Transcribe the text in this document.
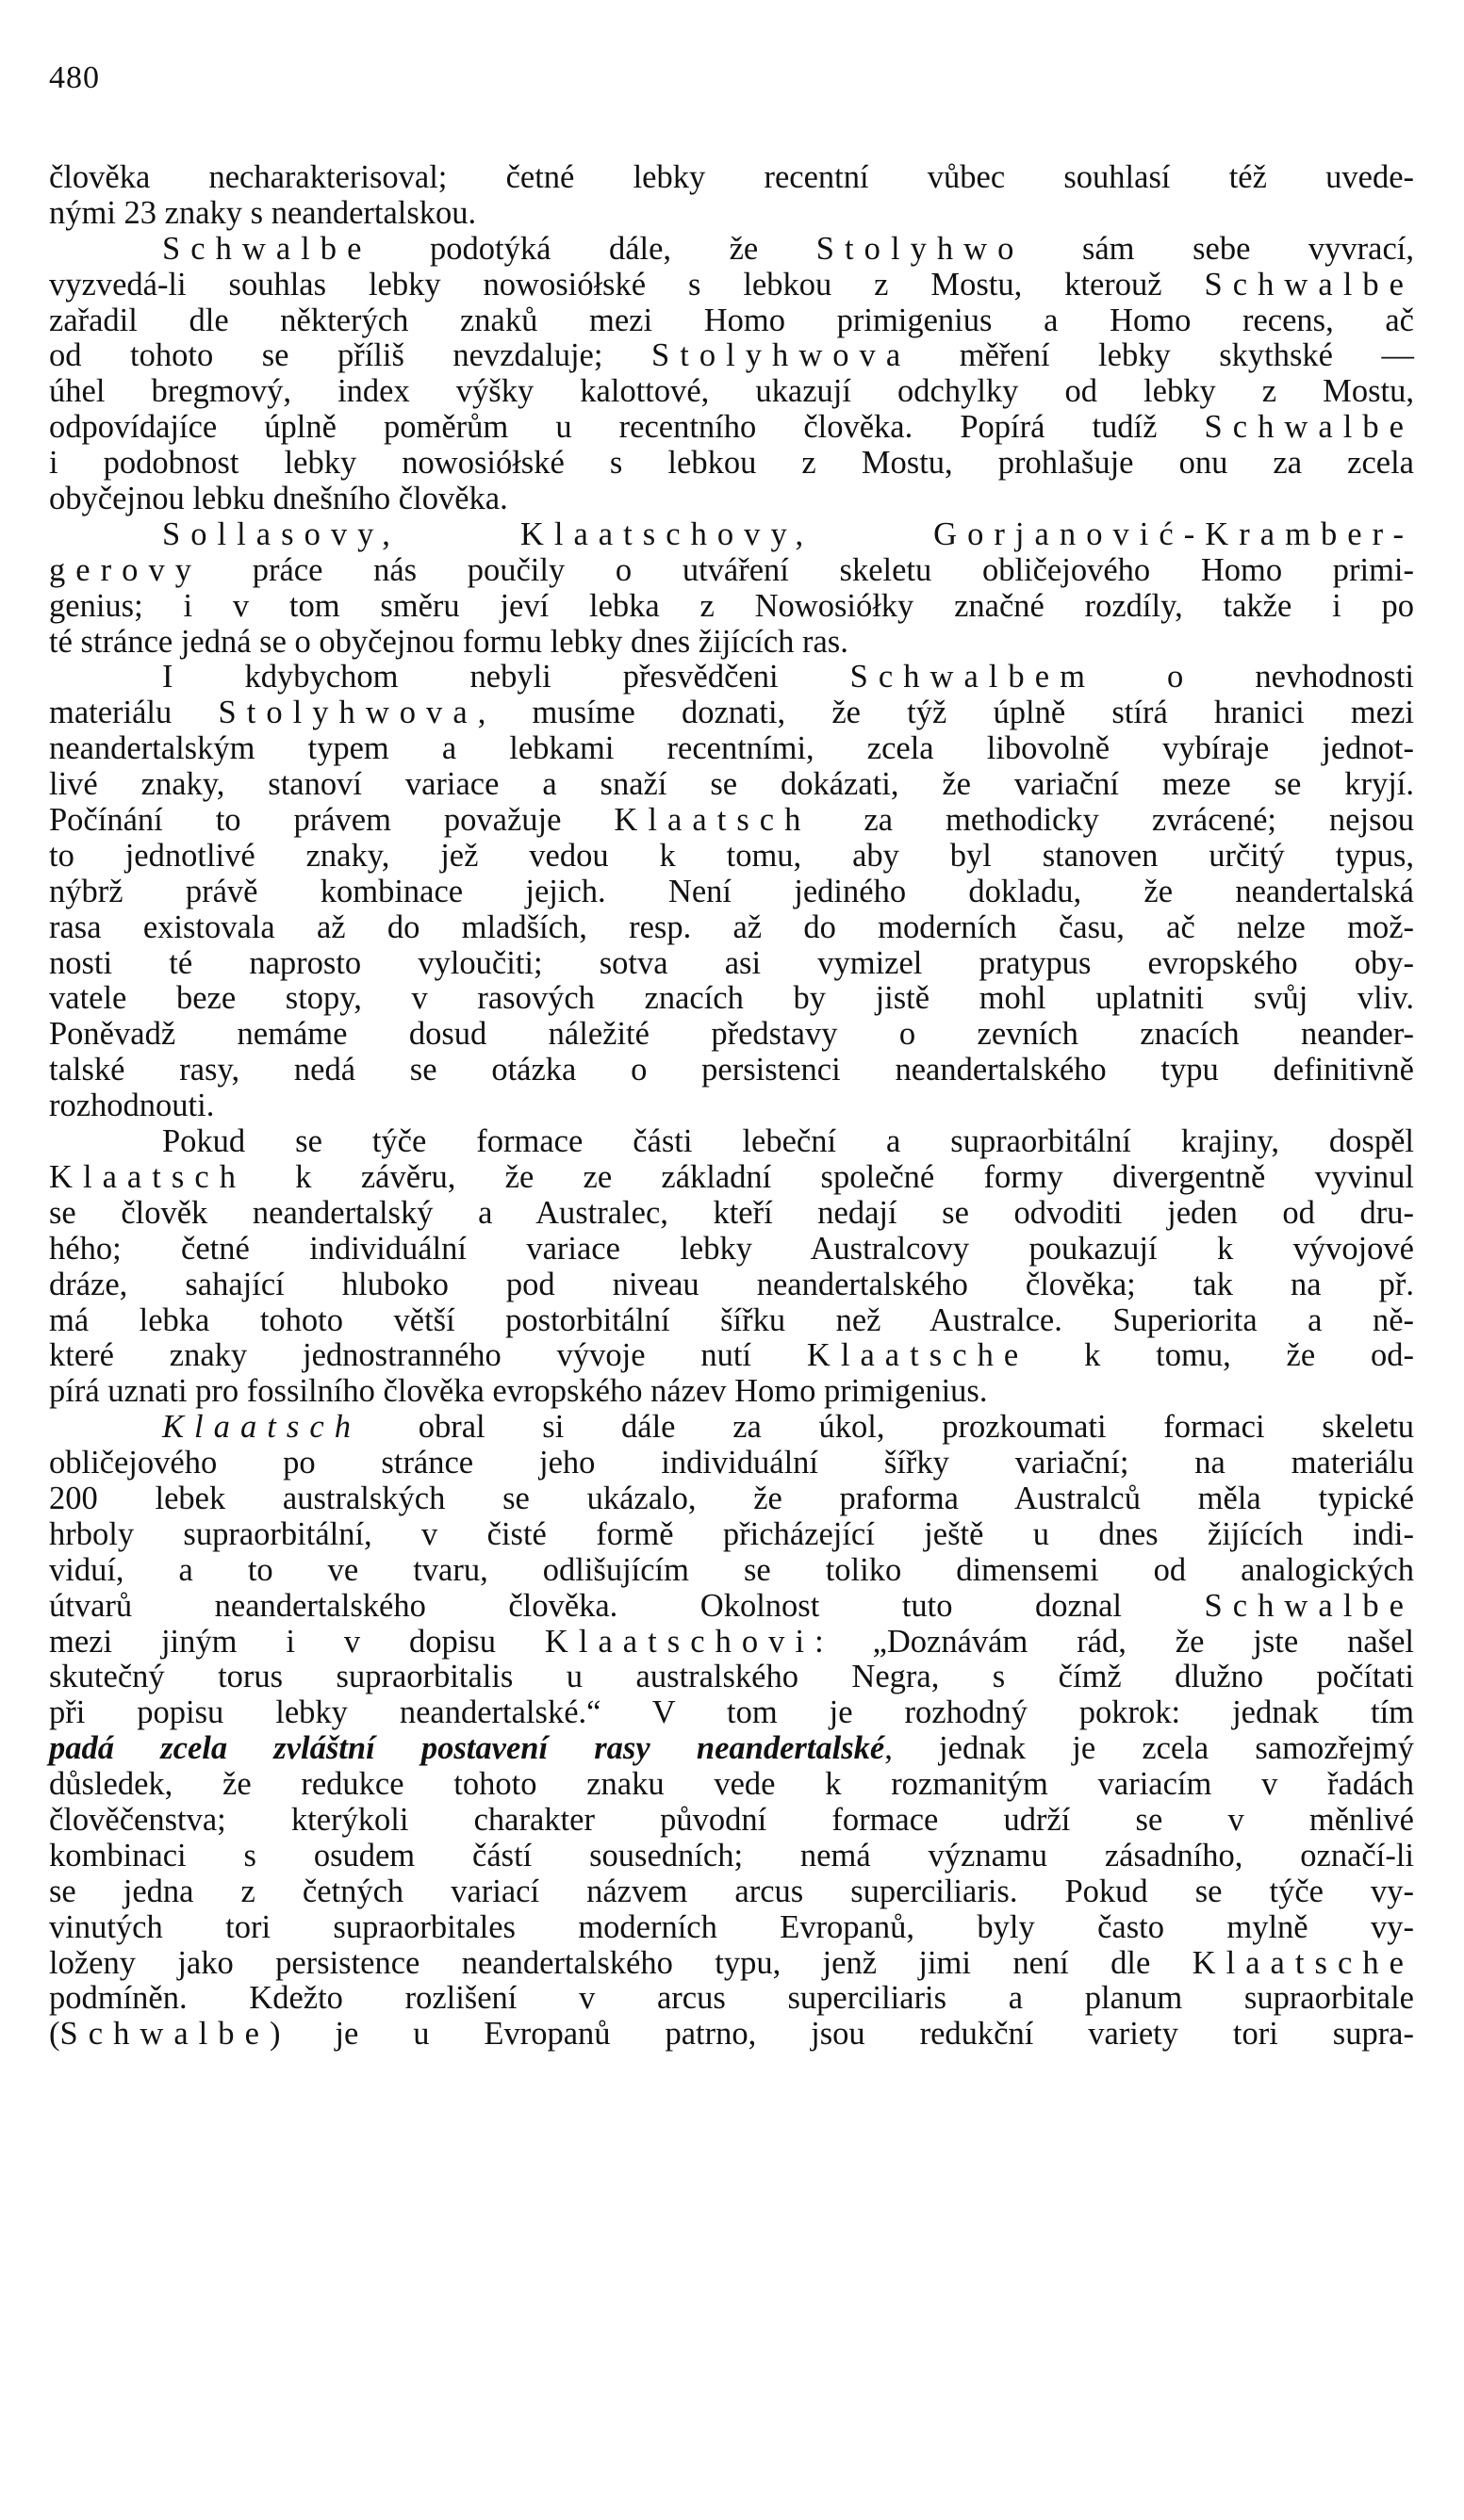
480
člověka necharakterisoval; četné lebky recentní vůbec souhlasí též uvede-
nými 23 znaky s neandertalskou.
Schwalbe podotýká dále, že Stolyhwo sám sebe vyvrací,
vyzvedá-li souhlas lebky nowosiółské s lebkou z Mostu, kterouž Schwalbe
zařadil dle některých znaků mezi Homo primigenius a Homo recens, ač
od tohoto se příliš nevzdaluje; Stolyhwova měření lebky skythské —
úhel bregmový, index výšky kalottové, ukazují odchylky od lebky z Mostu,
odpovídajíce úplně poměrům u recentního člověka. Popírá tudíž Schwalbe
i podobnost lebky nowosiółské s lebkou z Mostu, prohlašuje onu za zcela
obyčejnou lebku dnešního člověka.
Sollasovy, Klaatschovy, Gorjanović-Kramber-
gerovy práce nás poučily o utváření skeletu obličejového Homo primi-
genius; i v tom směru jeví lebka z Nowosiółky značné rozdíly, takže i po
té stránce jedná se o obyčejnou formu lebky dnes žijících ras.
I kdybychom nebyli přesvědčeni Schwalbem o nevhodnosti
materiálu Stolyhwova, musíme doznati, že týž úplně stírá hranici mezi
neandertalským typem a lebkami recentními, zcela libovolně vybíraje jednot-
livé znaky, stanoví variace a snaží se dokázati, že variační meze se kryjí.
Počínání to právem považuje Klaatsch za methodicky zvrácené; nejsou
to jednotlivé znaky, jež vedou k tomu, aby byl stanoven určitý typus,
nýbrž právě kombinace jejich. Není jediného dokladu, že neandertalská
rasa existovala až do mladších, resp. až do moderních času, ač nelze mož-
nosti té naprosto vyloučiti; sotva asi vymizel pratypus evropského oby-
vatele beze stopy, v rasových znacích by jistě mohl uplatniti svůj vliv.
Poněvadž nemáme dosud náležité představy o zevních znacích neander-
talské rasy, nedá se otázka o persistenci neandertalského typu definitivně
rozhodnouti.
Pokud se týče formace části lebeční a supraorbitální krajiny, dospěl
Klaatsch k závěru, že ze základní společné formy divergentně vyvinul
se člověk neandertalský a Australec, kteří nedají se odvoditi jeden od dru-
hého; četné individuální variace lebky Australcovy poukazují k vývojové
dráze, sahající hluboko pod niveau neandertalského člověka; tak na př.
má lebka tohoto větší postorbitální šířku než Australce. Superiorita a ně-
které znaky jednostranného vývoje nutí Klaatsche k tomu, že od-
pírá uznati pro fossilního člověka evropského název Homo primigenius.
Klaatsch obral si dále za úkol, prozkoumati formaci skeletu
obličejového po stránce jeho individuální šířky variační; na materiálu
200 lebek australských se ukázalo, že praforma Australců měla typické
hrboly supraorbitální, v čisté formě přicházející ještě u dnes žijících indi-
viduí, a to ve tvaru, odlišujícím se toliko dimensemi od analogických
útvarů neandertalského člověka. Okolnost tuto doznal Schwalbe
mezi jiným i v dopisu Klaatschovi: „Doznávám rád, že jste našel
skutečný torus supraorbitalis u australského Negra, s čímž dlužno počítati
při popisu lebky neandertalské.“ V tom je rozhodný pokrok: jednak tím
padá zcela zvláštní postavení rasy neandertalské, jednak je zcela samozřejmý
důsledek, že redukce tohoto znaku vede k rozmanitým variacím v řadách
člověčenstva; kterýkoli charakter původní formace udrží se v měnlivé
kombinaci s osudem částí sousedních; nemá významu zásadního, označí-li
se jedna z četných variací názvem arcus superciliaris. Pokud se týče vy-
vinutých tori supraorbitales moderních Evropanů, byly často mylně vy-
loženy jako persistence neandertalského typu, jenž jimi není dle Klaatsche
podmíněn. Kdežto rozlišení v arcus superciliaris a planum supraorbitale
(Schwalbe) je u Evropanů patrno, jsou redukční variety tori supra-
